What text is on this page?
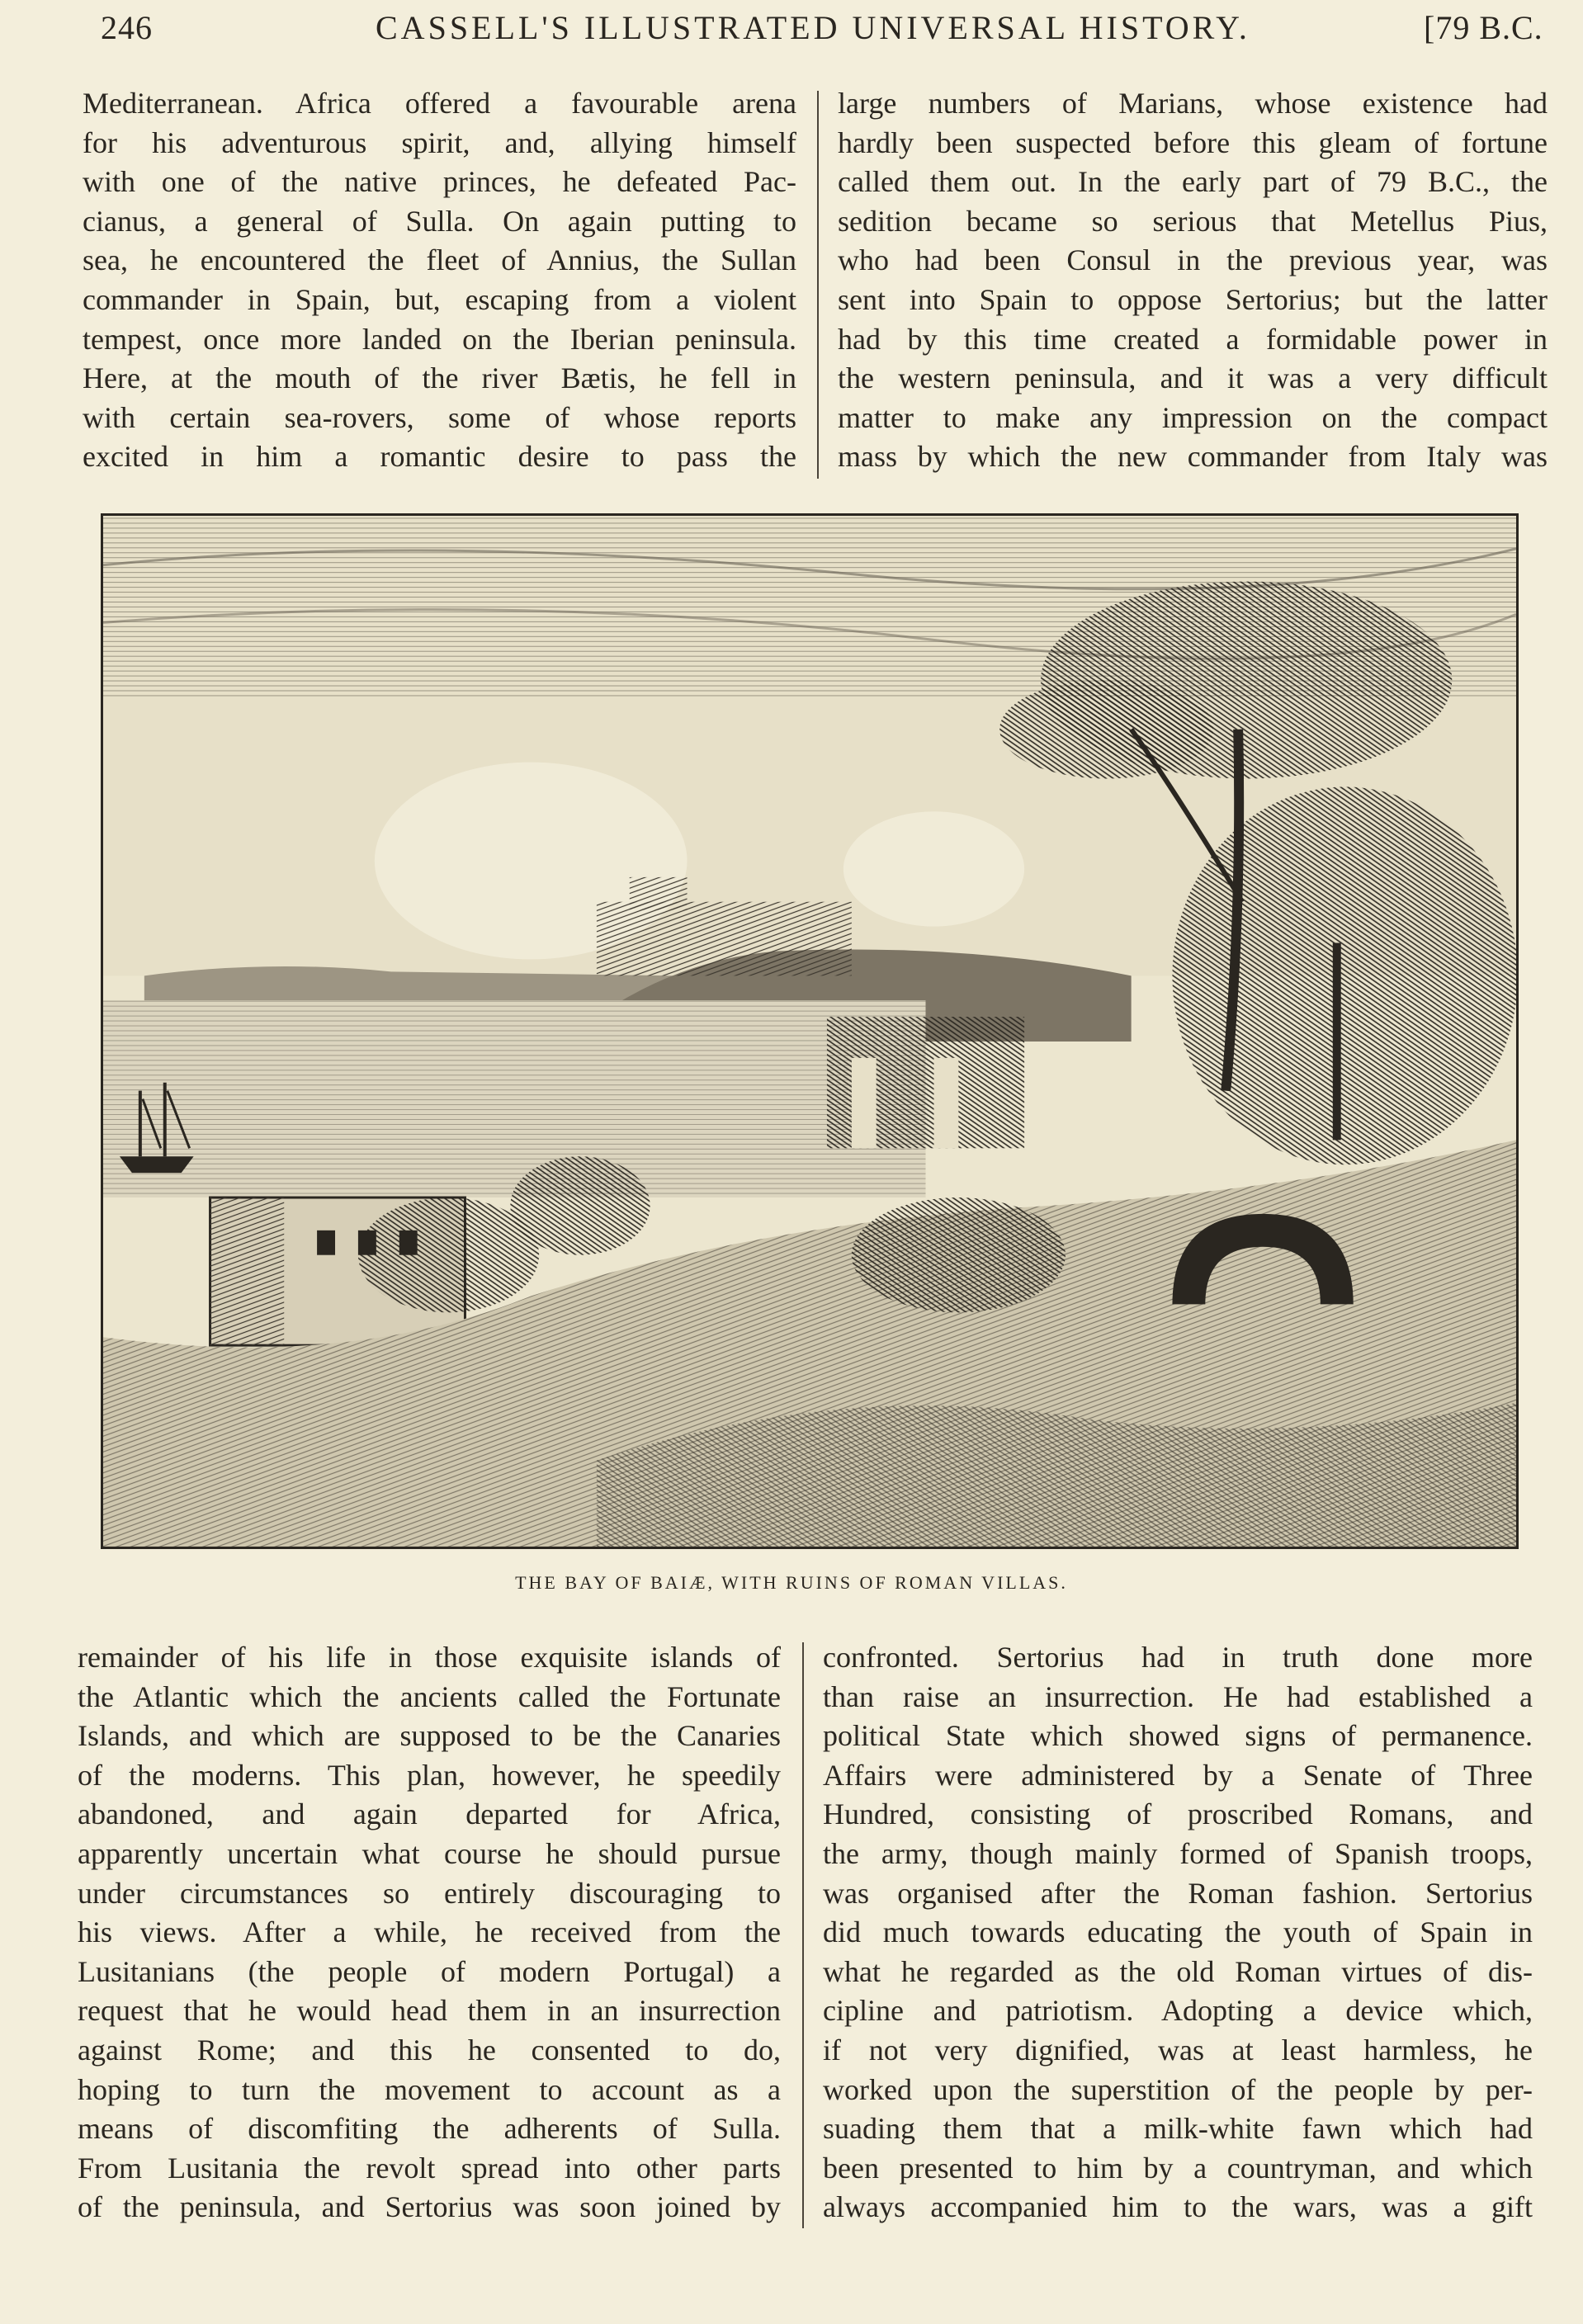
246	CASSELL'S ILLUSTRATED UNIVERSAL HISTORY.	[79 B.C.
Mediterranean. Africa offered a favourable arena
for his adventurous spirit, and, allying himself
with one of the native princes, he defeated Pac-
cianus, a general of Sulla. On again putting to
sea, he encountered the fleet of Annius, the Sullan
commander in Spain, but, escaping from a violent
tempest, once more landed on the Iberian peninsula.
Here, at the mouth of the river Bætis, he fell in
with certain sea-rovers, some of whose reports
excited in him a romantic desire to pass the
large numbers of Marians, whose existence had
hardly been suspected before this gleam of fortune
called them out. In the early part of 79 B.C., the
sedition became so serious that Metellus Pius,
who had been Consul in the previous year, was
sent into Spain to oppose Sertorius; but the latter
had by this time created a formidable power in
the western peninsula, and it was a very difficult
matter to make any impression on the compact
mass by which the new commander from Italy was
THE BAY OF BAIÆ, WITH RUINS OF ROMAN VILLAS.
remainder of his life in those exquisite islands of
the Atlantic which the ancients called the Fortunate
Islands, and which are supposed to be the Canaries
of the moderns. This plan, however, he speedily
abandoned, and again departed for Africa,
apparently uncertain what course he should pursue
under circumstances so entirely discouraging to
his views. After a while, he received from the
Lusitanians (the people of modern Portugal) a
request that he would head them in an insurrection
against Rome; and this he consented to do,
hoping to turn the movement to account as a
means of discomfiting the adherents of Sulla.
From Lusitania the revolt spread into other parts
of the peninsula, and Sertorius was soon joined by
confronted. Sertorius had in truth done more
than raise an insurrection. He had established a
political State which showed signs of permanence.
Affairs were administered by a Senate of Three
Hundred, consisting of proscribed Romans, and
the army, though mainly formed of Spanish troops,
was organised after the Roman fashion. Sertorius
did much towards educating the youth of Spain in
what he regarded as the old Roman virtues of dis-
cipline and patriotism. Adopting a device which,
if not very dignified, was at least harmless, he
worked upon the superstition of the people by per-
suading them that a milk-white fawn which had
been presented to him by a countryman, and which
always accompanied him to the wars, was a gift
